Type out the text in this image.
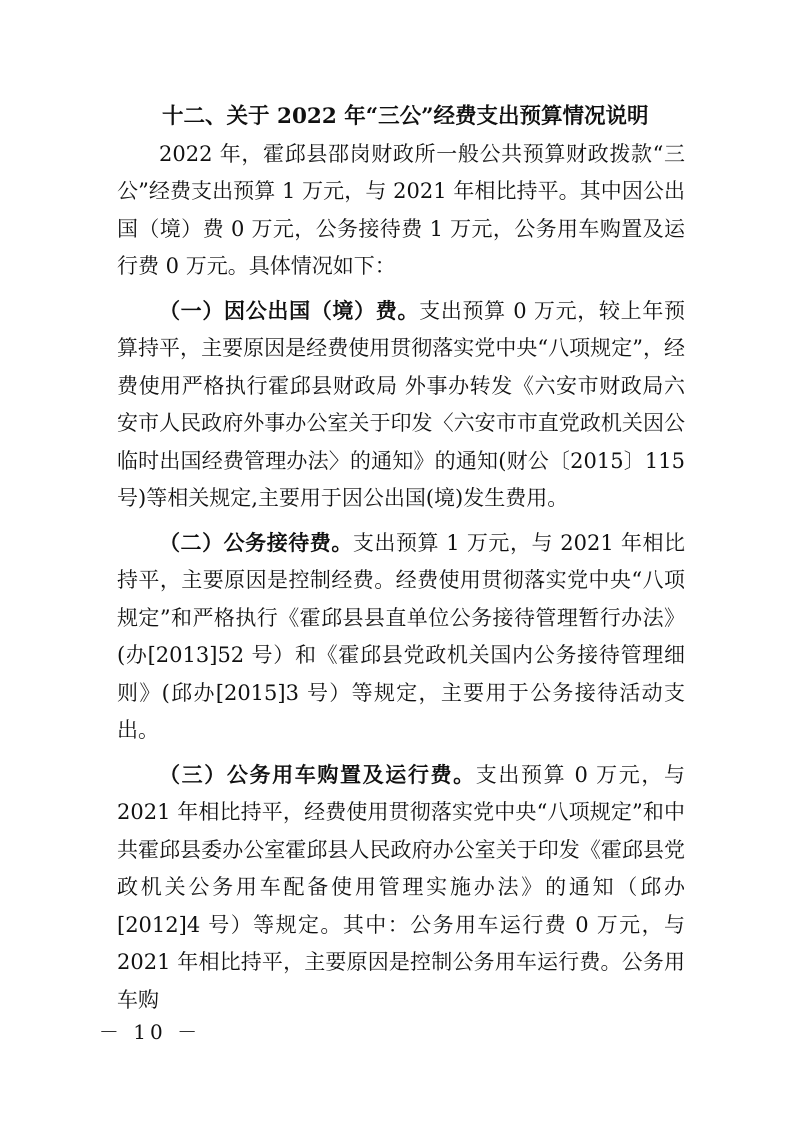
十二、关于 2022 年“三公”经费支出预算情况说明

2022 年，霍邱县邵岗财政所一般公共预算财政拨款“三公”经费支出预算 1 万元，与 2021 年相比持平。其中因公出国（境）费 0 万元，公务接待费 1 万元，公务用车购置及运行费 0 万元。具体情况如下：

（一）因公出国（境）费。支出预算 0 万元，较上年预算持平，主要原因是经费使用贯彻落实党中央“八项规定”，经费使用严格执行霍邱县财政局 外事办转发《六安市财政局六安市人民政府外事办公室关于印发〈六安市市直党政机关因公临时出国经费管理办法〉的通知》的通知(财公〔2015〕115 号)等相关规定,主要用于因公出国(境)发生费用。

（二）公务接待费。支出预算 1 万元，与 2021 年相比持平，主要原因是控制经费。经费使用贯彻落实党中央“八项规定”和严格执行《霍邱县县直单位公务接待管理暂行办法》(办[2013]52 号）和《霍邱县党政机关国内公务接待管理细则》(邱办[2015]3 号）等规定，主要用于公务接待活动支出。

（三）公务用车购置及运行费。支出预算 0 万元，与 2021 年相比持平，经费使用贯彻落实党中央“八项规定”和中共霍邱县委办公室霍邱县人民政府办公室关于印发《霍邱县党政机关公务用车配备使用管理实施办法》的通知（邱办[2012]4 号）等规定。其中：公务用车运行费 0 万元，与 2021 年相比持平，主要原因是控制公务用车运行费。公务用车购

－ 10 －
